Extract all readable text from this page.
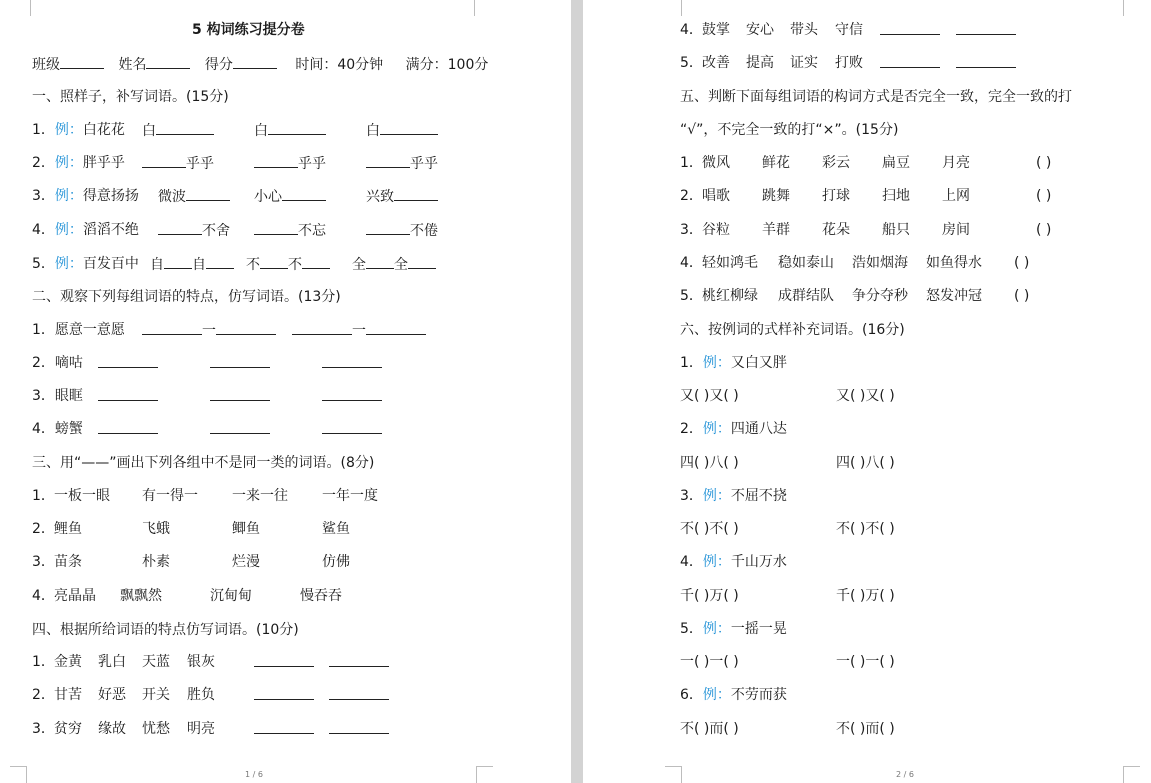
5 构词练习提分卷
班级	姓名	得分	时间：40分钟 满分：100分
一、照样子，补写词语。(15分)
1．例：白花花 白	白	白
2．例：胖乎乎	乎乎	乎乎	乎乎
3．例：得意扬扬 微波	小心	兴致
4．例：滔滔不绝	不舍	不忘	不倦
5．例：百发百中 自 自	不 不	全 全
二、观察下列每组词语的特点，仿写词语。(13分)
1．愿意一意愿	一	一
2．嘀咕
3．眼眶
4．螃蟹
三、用“——”画出下列各组中不是同一类的词语。(8分)
1． 一板一眼 有一得一 一来一往 一年一度
2． 鲤鱼	飞蛾	鲫鱼	鲨鱼
3． 苗条	朴素	烂漫	仿佛
4． 亮晶晶 飘飘然	沉甸甸	慢吞吞
四、根据所给词语的特点仿写词语。(10分)
1． 金黄 乳白 天蓝 银灰
2． 甘苦 好恶 开关 胜负
3． 贫穷 缘故 忧愁 明亮
1 / 6
4． 鼓掌 安心 带头 守信
5． 改善 提高 证实 打败
五、判断下面每组词语的构词方式是否完全一致，完全一致的打
“√”，不完全一致的打“×”。(15分)
1． 微风 鲜花 彩云 扁豆 月亮	( )
2． 唱歌 跳舞 打球 扫地 上网	( )
3． 谷粒 羊群 花朵 船只 房间	( )
4． 轻如鸿毛 稳如泰山 浩如烟海 如鱼得水 ( )
5． 桃红柳绿 成群结队 争分夺秒 怒发冲冠 ( )
六、按例词的式样补充词语。(16分)
1．例：又白又胖
又( )又( )	又( )又( )
2．例：四通八达
四( )八( )	四( )八( )
3．例：不屈不挠
不( )不( )	不( )不( )
4．例：千山万水
千( )万( )	千( )万( )
5．例：一摇一晃
一( )一( )	一( )一( )
6．例：不劳而获
不( )而( )	不( )而( )
2 / 6
